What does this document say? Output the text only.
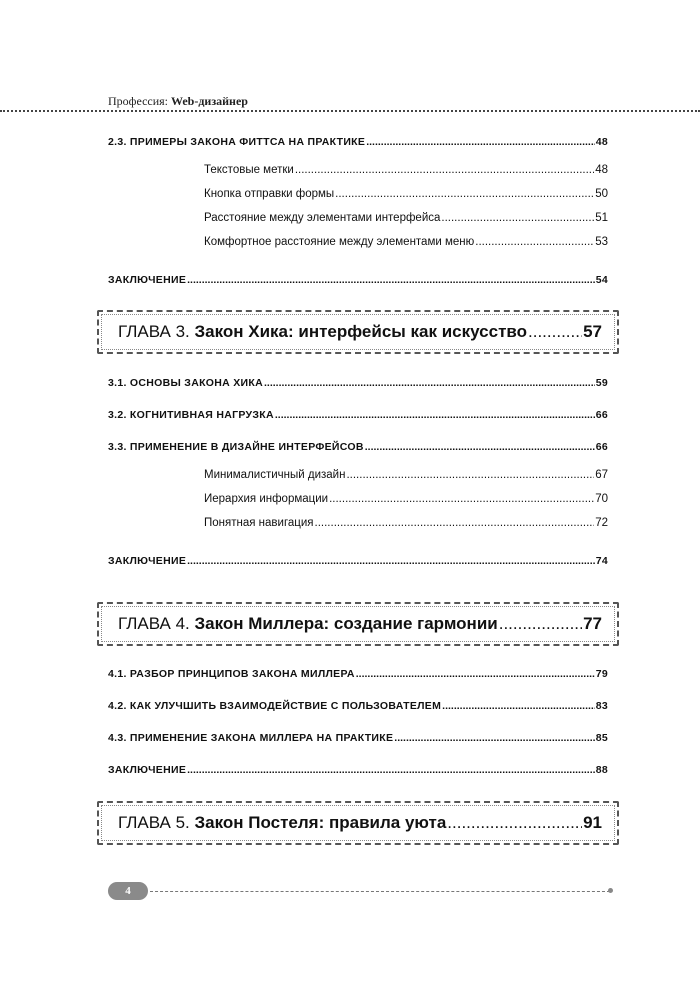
Профессия: Web-дизайнер
2.3. ПРИМЕРЫ ЗАКОНА ФИТТСА НА ПРАКТИКЕ .....	48
Текстовые метки .....	48
Кнопка отправки формы .....	50
Расстояние между элементами интерфейса .....	51
Комфортное расстояние между элементами меню .....	53
ЗАКЛЮЧЕНИЕ .....	54
ГЛАВА 3. Закон Хика: интерфейсы как искусство .....	57
3.1. ОСНОВЫ ЗАКОНА ХИКА .....	59
3.2. КОГНИТИВНАЯ НАГРУЗКА .....	66
3.3. ПРИМЕНЕНИЕ В ДИЗАЙНЕ ИНТЕРФЕЙСОВ .....	66
Минималистичный дизайн .....	67
Иерархия информации .....	70
Понятная навигация .....	72
ЗАКЛЮЧЕНИЕ .....	74
ГЛАВА 4. Закон Миллера: создание гармонии .....	77
4.1. РАЗБОР ПРИНЦИПОВ ЗАКОНА МИЛЛЕРА .....	79
4.2. КАК УЛУЧШИТЬ ВЗАИМОДЕЙСТВИЕ С ПОЛЬЗОВАТЕЛЕМ .....	83
4.3. ПРИМЕНЕНИЕ ЗАКОНА МИЛЛЕРА НА ПРАКТИКЕ .....	85
ЗАКЛЮЧЕНИЕ .....	88
ГЛАВА 5. Закон Постеля: правила уюта .....	91
4
